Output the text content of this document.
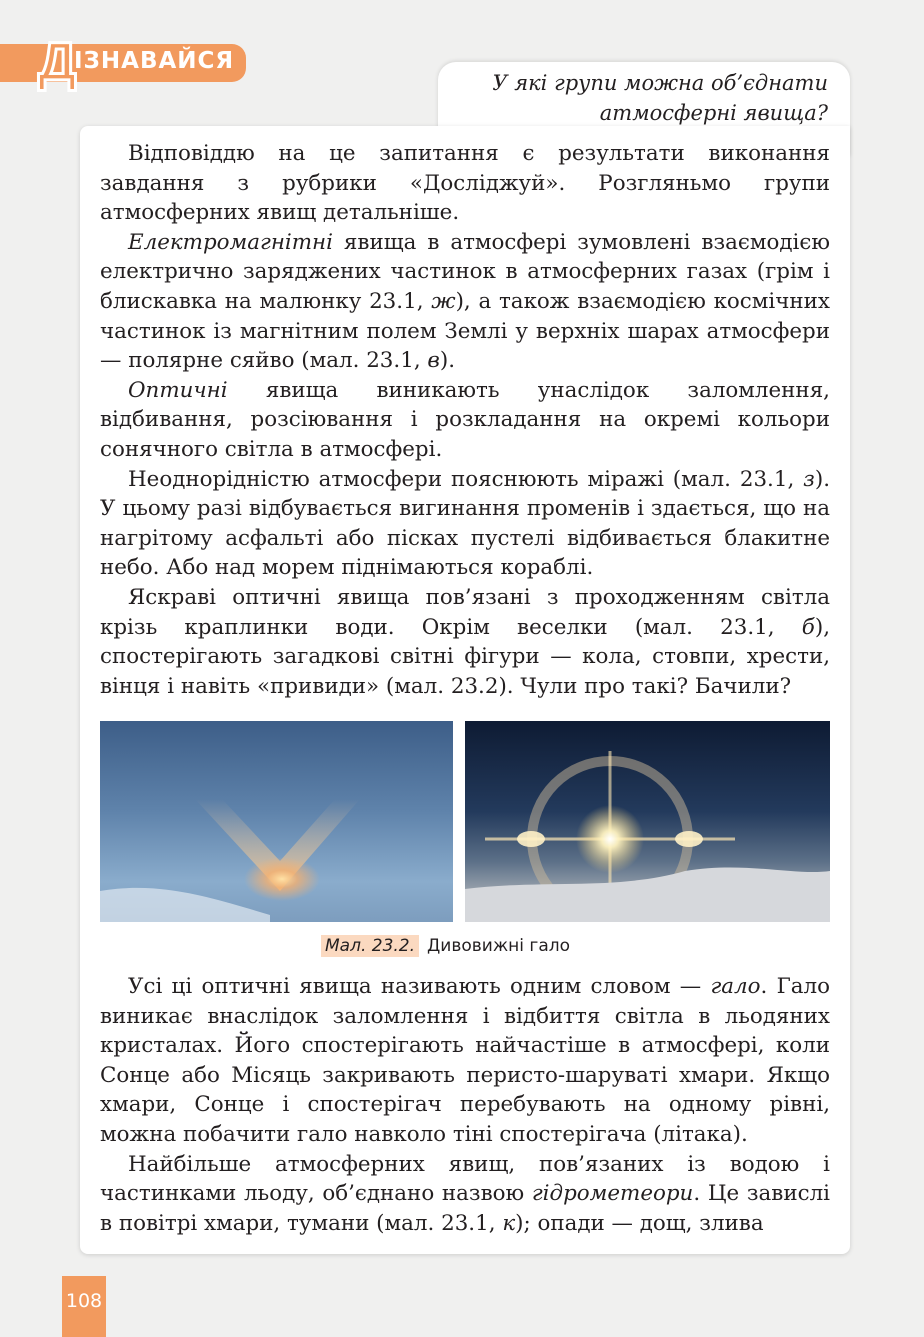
Д
ІЗНАВАЙСЯ
У які групи можна об’єднати атмосферні явища?

Відповіддю на це запитання є результати виконання завдання з рубрики «Досліджуй». Розгляньмо групи атмосферних явищ детальніше.

Електромагнітні явища в атмосфері зумовлені взаємодією електрично заряджених частинок в атмосферних газах (грім і блискавка на малюнку 23.1, ж), а також взаємодією космічних частинок із магнітним полем Землі у верхніх шарах атмосфери — полярне сяйво (мал. 23.1, в).

Оптичні явища виникають унаслідок заломлення, відбивання, розсіювання і розкладання на окремі кольори сонячного світла в атмосфері.

Неоднорідністю атмосфери пояснюють міражі (мал. 23.1, з). У цьому разі відбувається вигинання променів і здається, що на нагрітому асфальті або пісках пустелі відбивається блакитне небо. Або над морем піднімаються кораблі.

Яскраві оптичні явища пов’язані з проходженням світла крізь краплинки води. Окрім веселки (мал. 23.1, б), спостерігають загадкові світні фігури — кола, стовпи, хрести, вінця і навіть «привиди» (мал. 23.2). Чули про такі? Бачили?

Мал. 23.2. Дивовижні гало

Усі ці оптичні явища називають одним словом — гало. Гало виникає внаслідок заломлення і відбиття світла в льодяних кристалах. Його спостерігають найчастіше в атмосфері, коли Сонце або Місяць закривають перисто-шаруваті хмари. Якщо хмари, Сонце і спостерігач перебувають на одному рівні, можна побачити гало навколо тіні спостерігача (літака).

Найбільше атмосферних явищ, пов’язаних із водою і частинками льоду, об’єднано назвою гідрометеори. Це завислі в повітрі хмари, тумани (мал. 23.1, к); опади — дощ, злива

108
